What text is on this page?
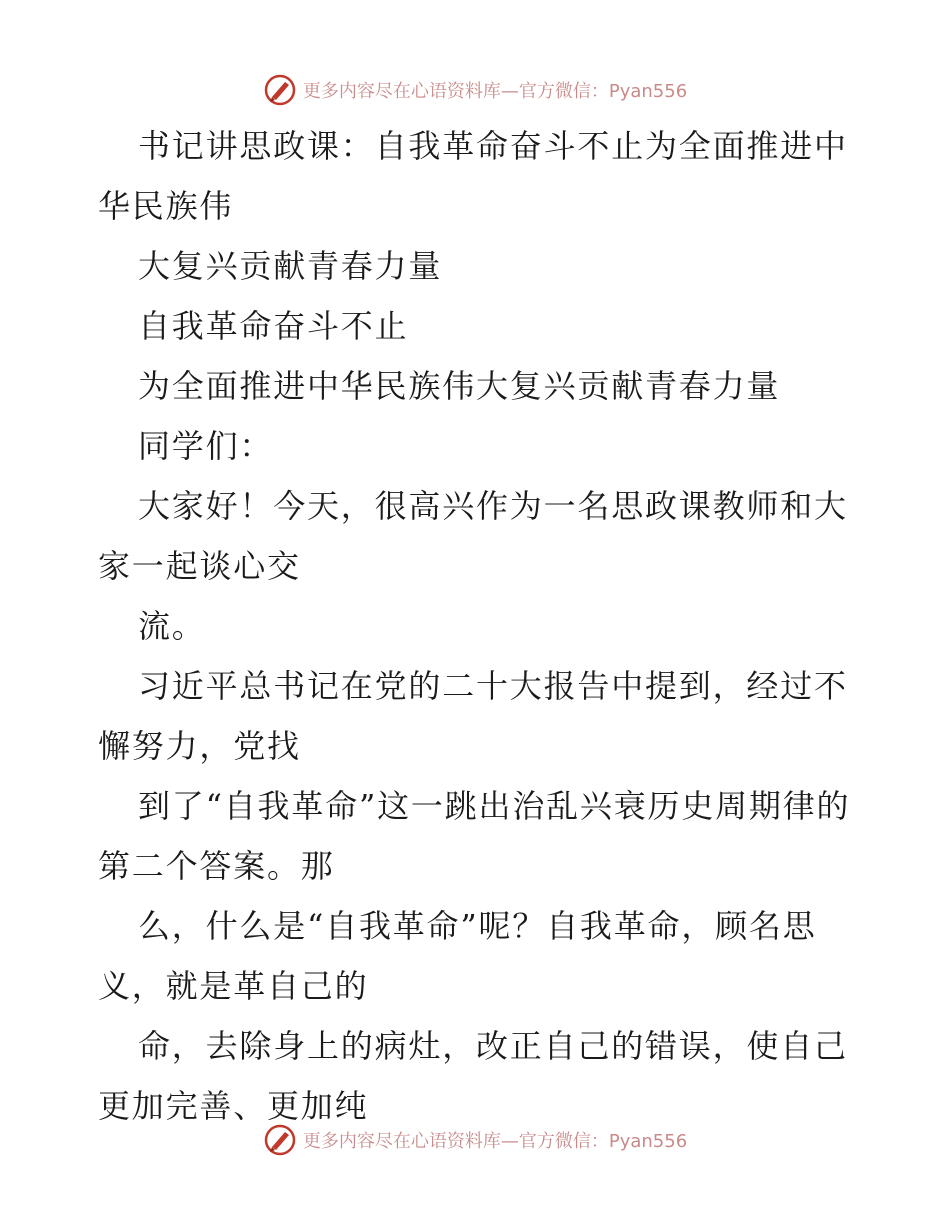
更多内容尽在心语资料库—官方微信：Pyan556

书记讲思政课：自我革命奋斗不止为全面推进中华民族伟

大复兴贡献青春力量

自我革命奋斗不止

为全面推进中华民族伟大复兴贡献青春力量

同学们：

大家好！今天，很高兴作为一名思政课教师和大家一起谈心交

流。

习近平总书记在党的二十大报告中提到，经过不懈努力，党找

到了“自我革命”这一跳出治乱兴衰历史周期律的第二个答案。那

么，什么是“自我革命”呢？自我革命，顾名思义，就是革自己的

命，去除身上的病灶，改正自己的错误，使自己更加完善、更加纯

更多内容尽在心语资料库—官方微信：Pyan556
